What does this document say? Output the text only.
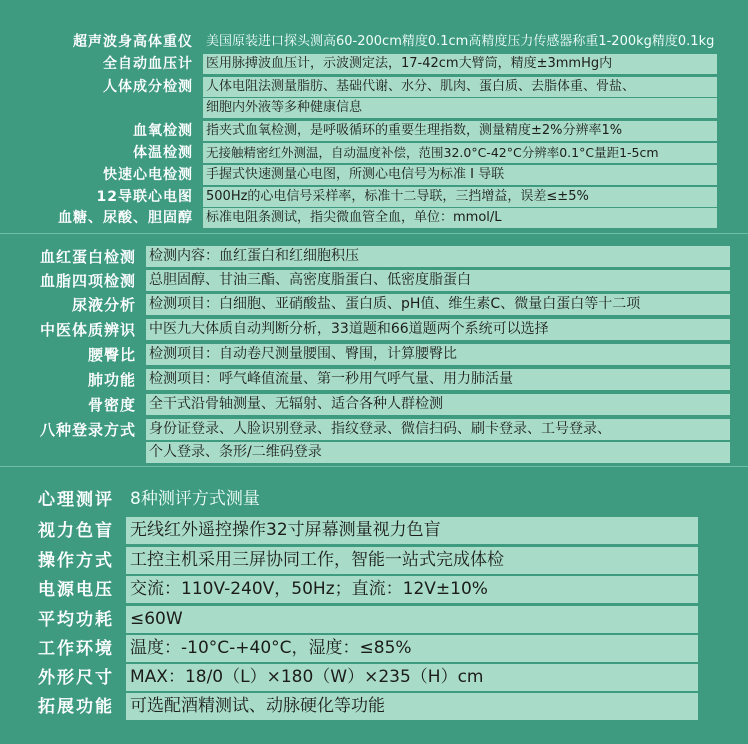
超声波身高体重仪 美国原装进口探头测高60-200cm精度0.1cm高精度压力传感器称重1-200kg精度0.1kg
全自动血压计 医用脉搏波血压计，示波测定法，17-42cm大臂筒，精度±3mmHg内
人体成分检测 人体电阻法测量脂肪、基础代谢、水分、肌肉、蛋白质、去脂体重、骨盐、
细胞内外液等多种健康信息
血氧检测 指夹式血氧检测，是呼吸循环的重要生理指数，测量精度±2%分辨率1%
体温检测 无接触精密红外测温，自动温度补偿，范围32.0°C-42°C分辨率0.1°C量距1-5cm
快速心电检测 手握式快速测量心电图，所测心电信号为标准 I 导联
12导联心电图 500Hz的心电信号采样率，标准十二导联，三挡增益，误差≤±5%
血糖、尿酸、胆固醇 标准电阻条测试，指尖微血管全血，单位：mmol/L
血红蛋白检测 检测内容：血红蛋白和红细胞积压
血脂四项检测 总胆固醇、甘油三酯、高密度脂蛋白、低密度脂蛋白
尿液分析 检测项目：白细胞、亚硝酸盐、蛋白质、pH值、维生素C、微量白蛋白等十二项
中医体质辨识 中医九大体质自动判断分析，33道题和66道题两个系统可以选择
腰臀比 检测项目：自动卷尺测量腰围、臀围，计算腰臀比
肺功能 检测项目：呼气峰值流量、第一秒用气呼气量、用力肺活量
骨密度 全干式沿骨轴测量、无辐射、适合各种人群检测
八种登录方式 身份证登录、人脸识别登录、指纹登录、微信扫码、刷卡登录、工号登录、
个人登录、条形/二维码登录
心理测评 8种测评方式测量
视力色盲 无线红外遥控操作32寸屏幕测量视力色盲
操作方式 工控主机采用三屏协同工作，智能一站式完成体检
电源电压 交流：110V-240V，50Hz；直流：12V±10%
平均功耗 ≤60W
工作环境 温度：-10°C-+40°C，湿度：≤85%
外形尺寸 MAX：18/0（L）×180（W）×235（H）cm
拓展功能 可选配酒精测试、动脉硬化等功能
